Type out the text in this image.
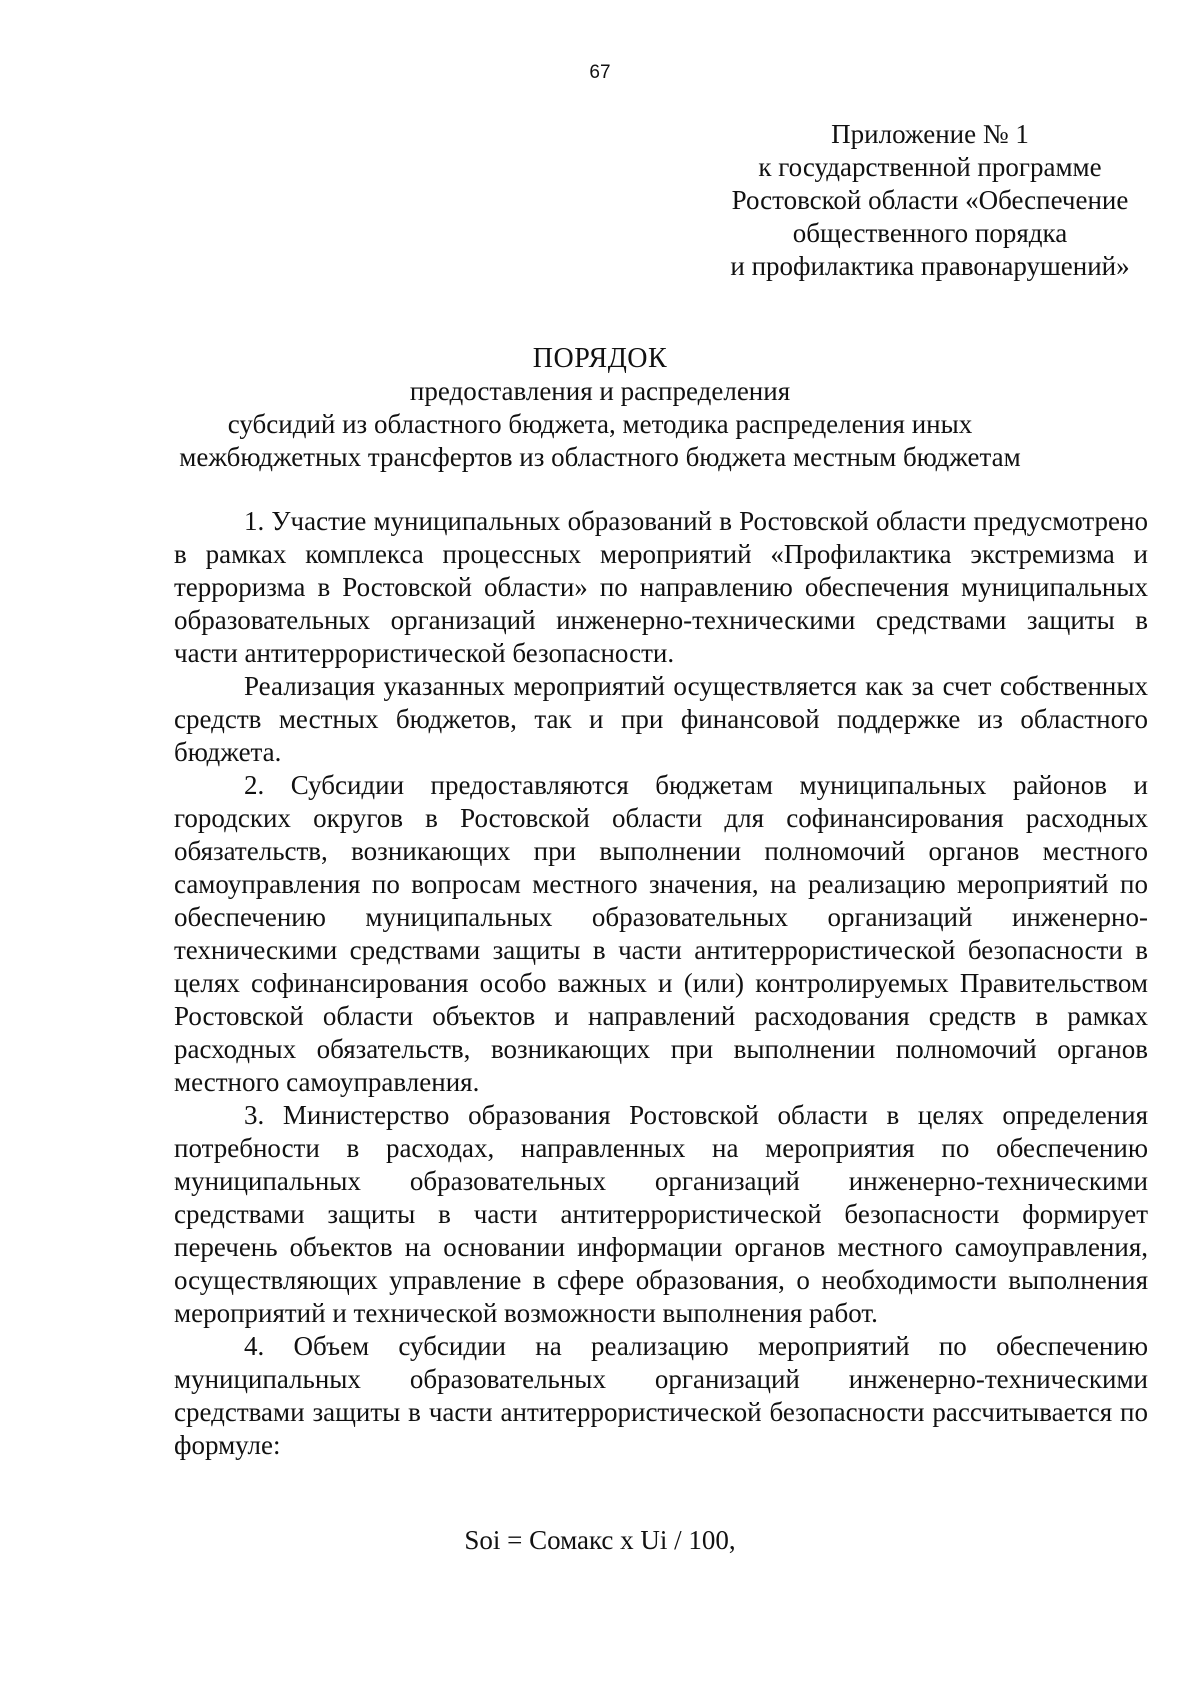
67
Приложение № 1
к государственной программе
Ростовской области «Обеспечение
общественного порядка
и профилактика правонарушений»
ПОРЯДОК
предоставления и распределения
субсидий из областного бюджета, методика распределения иных
межбюджетных трансфертов из областного бюджета местным бюджетам

1. Участие муниципальных образований в Ростовской области предусмотрено в рамках комплекса процессных мероприятий «Профилактика экстремизма и терроризма в Ростовской области» по направлению обеспечения муниципальных образовательных организаций инженерно-техническими средствами защиты в части антитеррористической безопасности.

Реализация указанных мероприятий осуществляется как за счет собственных средств местных бюджетов, так и при финансовой поддержке из областного бюджета.

2. Субсидии предоставляются бюджетам муниципальных районов и городских округов в Ростовской области для софинансирования расходных обязательств, возникающих при выполнении полномочий органов местного самоуправления по вопросам местного значения, на реализацию мероприятий по обеспечению муниципальных образовательных организаций инженерно-техническими средствами защиты в части антитеррористической безопасности в целях софинансирования особо важных и (или) контролируемых Правительством Ростовской области объектов и направлений расходования средств в рамках расходных обязательств, возникающих при выполнении полномочий органов местного самоуправления.

3. Министерство образования Ростовской области в целях определения потребности в расходах, направленных на мероприятия по обеспечению муниципальных образовательных организаций инженерно-техническими средствами защиты в части антитеррористической безопасности формирует перечень объектов на основании информации органов местного самоуправления, осуществляющих управление в сфере образования, о необходимости выполнения мероприятий и технической возможности выполнения работ.

4. Объем субсидии на реализацию мероприятий по обеспечению муниципальных образовательных организаций инженерно-техническими средствами защиты в части антитеррористической безопасности рассчитывается по формуле:

Soi = Сомакс x Ui / 100,
